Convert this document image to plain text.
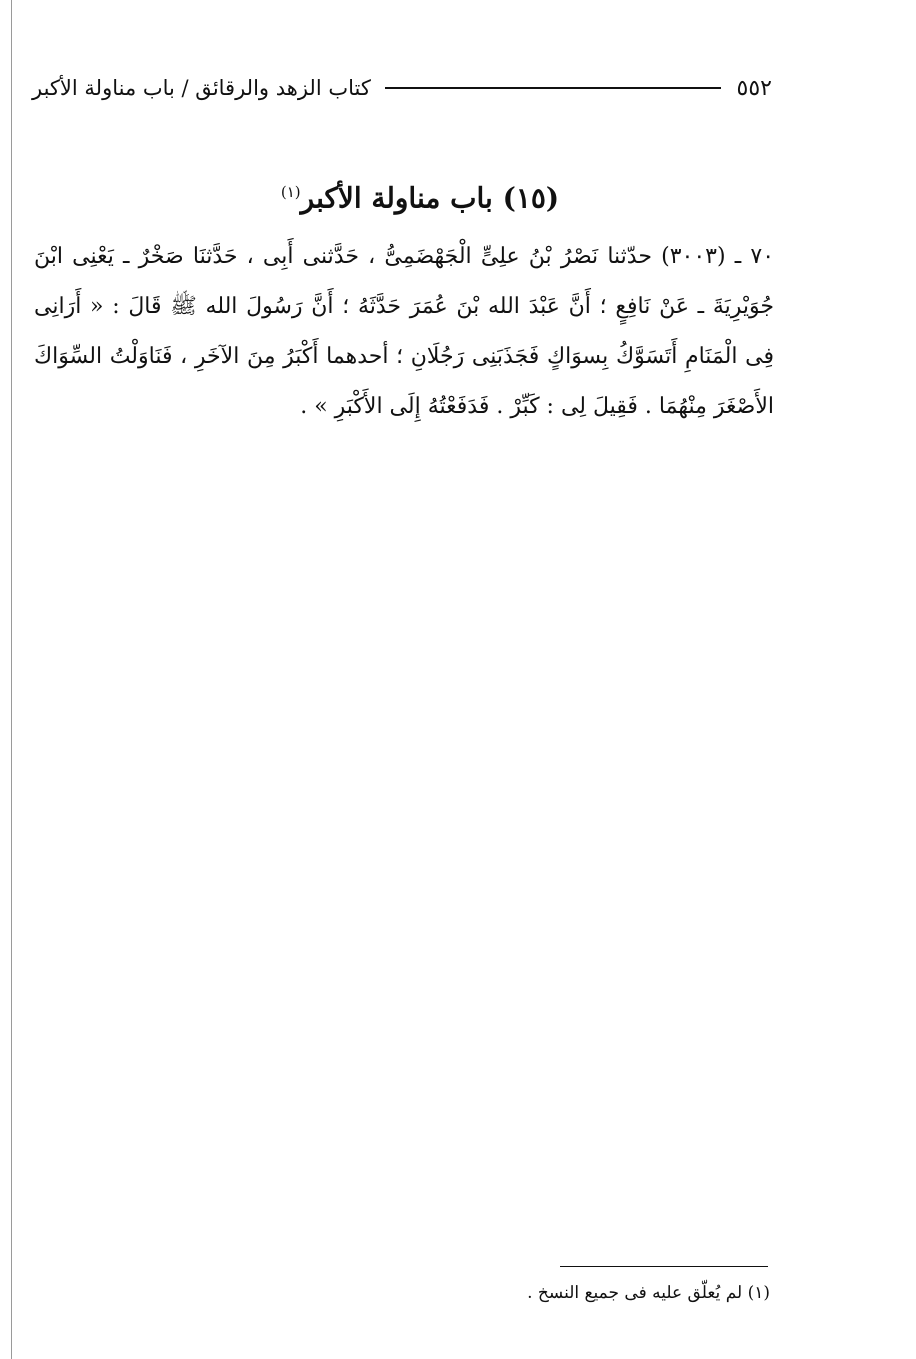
٥٥٢
كتاب الزهد والرقائق / باب مناولة الأكبر
(١٥) باب مناولة الأكبر$^{(١)}$
٧٠ ـ (٣٠٠٣) حدّثنا نَصْرُ بْنُ علِىٍّ الْجَهْضَمِىُّ ، حَدَّثنى أَبِى ، حَدَّثنَا صَخْرٌ ـ يَعْنِى ابْنَ جُوَيْرِيَةَ ـ عَنْ نَافِعٍ ؛ أَنَّ عَبْدَ الله بْنَ عُمَرَ حَدَّثَهُ ؛ أَنَّ رَسُولَ الله ﷺ قَالَ : « أَرَانِى فِى الْمَنَامِ أَتَسَوَّكُ بِسوَاكٍ فَجَذَبَنِى رَجُلَانِ ؛ أحدهما أَكْبَرُ مِنَ الآخَرِ ، فَنَاوَلْتُ السِّوَاكَ الأَصْغَرَ مِنْهُمَا . فَقِيلَ لِى : كَبِّرْ . فَدَفَعْتُهُ إِلَى الأَكْبَرِ » .
(١) لم يُعلّق عليه فى جميع النسخ .
